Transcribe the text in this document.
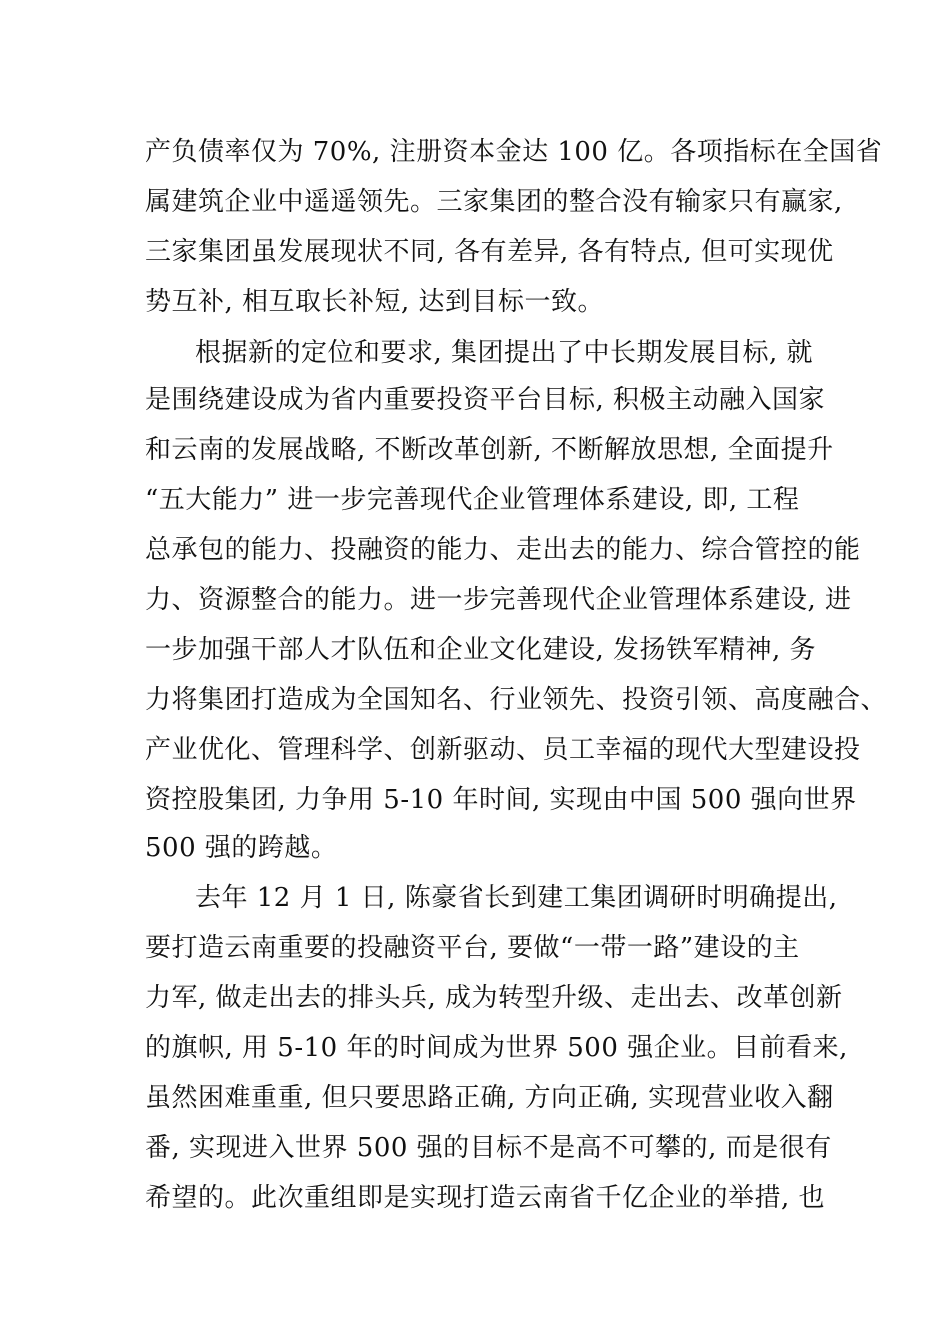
产负债率仅为 70%, 注册资本金达 100 亿。各项指标在全国省
属建筑企业中遥遥领先。三家集团的整合没有输家只有赢家,
三家集团虽发展现状不同, 各有差异, 各有特点, 但可实现优
势互补, 相互取长补短, 达到目标一致。
根据新的定位和要求, 集团提出了中长期发展目标, 就
是围绕建设成为省内重要投资平台目标, 积极主动融入国家
和云南的发展战略, 不断改革创新, 不断解放思想, 全面提升
“五大能力” 进一步完善现代企业管理体系建设, 即, 工程
总承包的能力、投融资的能力、走出去的能力、综合管控的能
力、资源整合的能力。进一步完善现代企业管理体系建设, 进
一步加强干部人才队伍和企业文化建设, 发扬铁军精神, 务
力将集团打造成为全国知名、行业领先、投资引领、高度融合、
产业优化、管理科学、创新驱动、员工幸福的现代大型建设投
资控股集团, 力争用 5-10 年时间, 实现由中国 500 强向世界
500 强的跨越。
去年 12 月 1 日, 陈豪省长到建工集团调研时明确提出,
要打造云南重要的投融资平台, 要做“一带一路”建设的主
力军, 做走出去的排头兵, 成为转型升级、走出去、改革创新
的旗帜, 用 5-10 年的时间成为世界 500 强企业。目前看来,
虽然困难重重, 但只要思路正确, 方向正确, 实现营业收入翻
番, 实现进入世界 500 强的目标不是高不可攀的, 而是很有
希望的。此次重组即是实现打造云南省千亿企业的举措, 也
